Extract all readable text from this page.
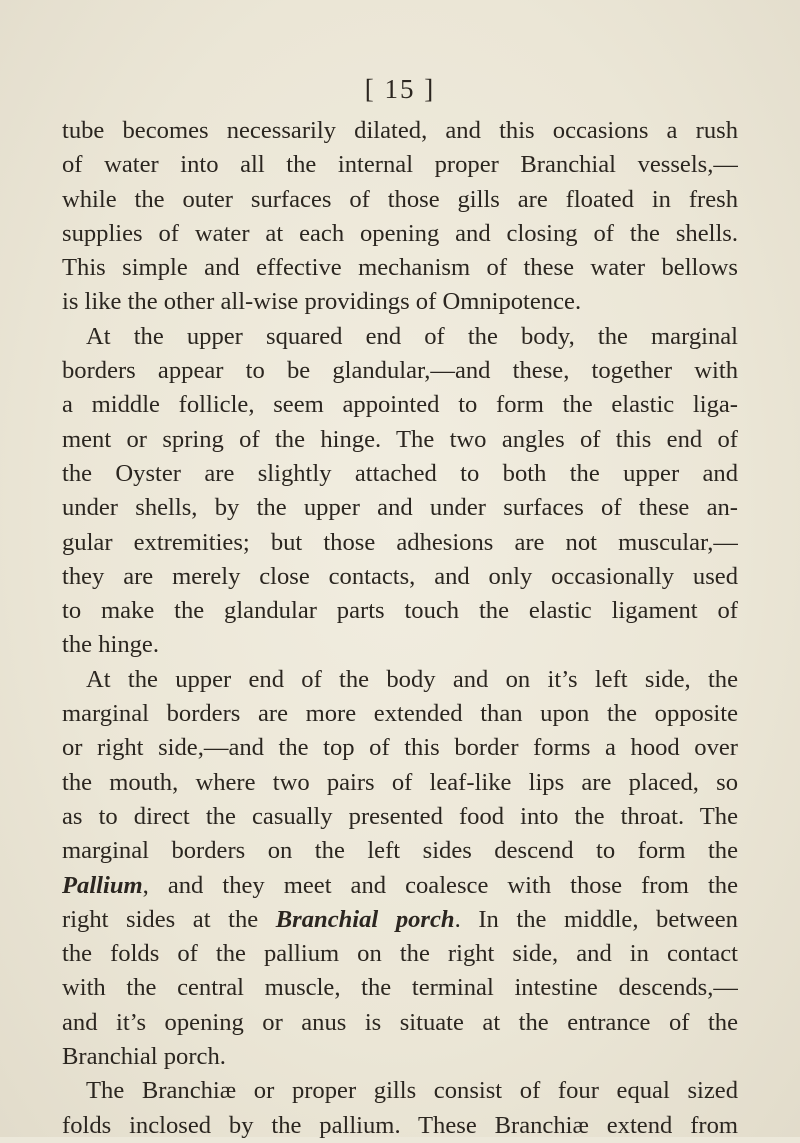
[ 15 ]

tube becomes necessarily dilated, and this occasions a rush
of water into all the internal proper Branchial vessels,—
while the outer surfaces of those gills are floated in fresh
supplies of water at each opening and closing of the shells.
This simple and effective mechanism of these water bellows
is like the other all-wise providings of Omnipotence.
At the upper squared end of the body, the marginal
borders appear to be glandular,—and these, together with
a middle follicle, seem appointed to form the elastic liga-
ment or spring of the hinge. The two angles of this end of
the Oyster are slightly attached to both the upper and
under shells, by the upper and under surfaces of these an-
gular extremities; but those adhesions are not muscular,—
they are merely close contacts, and only occasionally used
to make the glandular parts touch the elastic ligament of
the hinge.
At the upper end of the body and on it’s left side, the
marginal borders are more extended than upon the opposite
or right side,—and the top of this border forms a hood over
the mouth, where two pairs of leaf-like lips are placed, so
as to direct the casually presented food into the throat. The
marginal borders on the left sides descend to form the
Pallium, and they meet and coalesce with those from the
right sides at the Branchial porch. In the middle, between
the folds of the pallium on the right side, and in contact
with the central muscle, the terminal intestine descends,—
and it’s opening or anus is situate at the entrance of the
Branchial porch.
The Branchiæ or proper gills consist of four equal sized
folds inclosed by the pallium. These Branchiæ extend from
